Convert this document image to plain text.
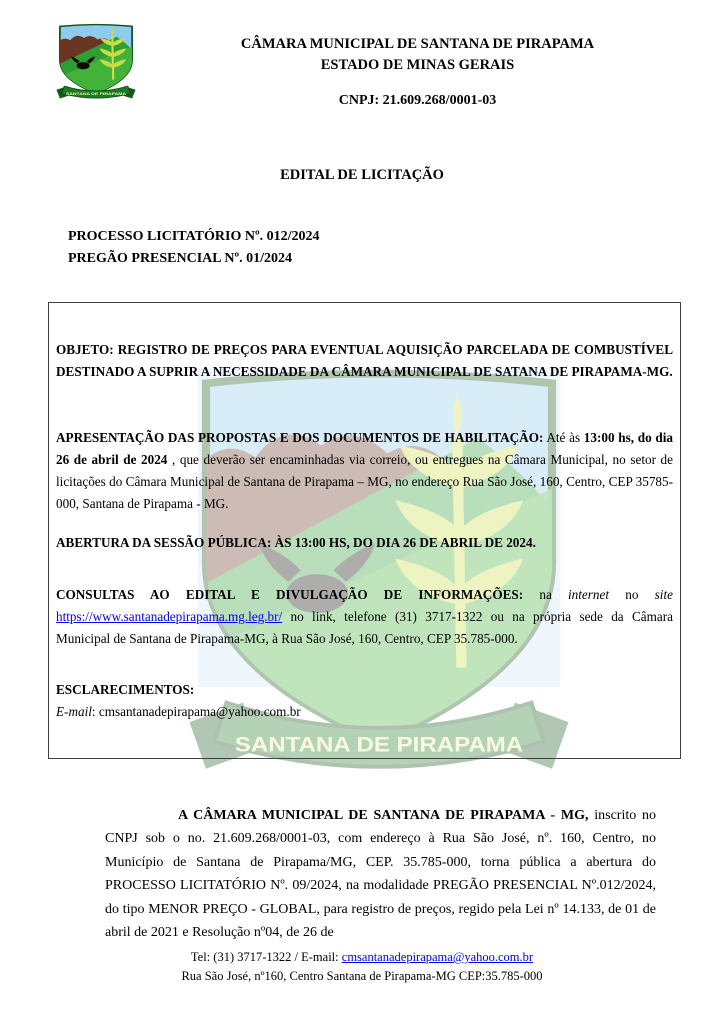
CÂMARA MUNICIPAL DE SANTANA DE PIRAPAMA
ESTADO DE MINAS GERAIS
CNPJ: 21.609.268/0001-03
EDITAL DE LICITAÇÃO
PROCESSO LICITATÓRIO Nº. 012/2024
PREGÃO PRESENCIAL Nº. 01/2024

OBJETO: REGISTRO DE PREÇOS PARA EVENTUAL AQUISIÇÃO PARCELADA DE COMBUSTÍVEL DESTINADO A SUPRIR A NECESSIDADE DA CÂMARA MUNICIPAL DE SATANA DE PIRAPAMA-MG.

APRESENTAÇÃO DAS PROPOSTAS E DOS DOCUMENTOS DE HABILITAÇÃO: Até às 13:00 hs, do dia 26 de abril de 2024 , que deverão ser encaminhadas via correio, ou entregues na Câmara Municipal, no setor de licitações do Câmara Municipal de Santana de Pirapama – MG, no endereço Rua São José, 160, Centro, CEP 35785-000, Santana de Pirapama - MG.

ABERTURA DA SESSÃO PÚBLICA: ÀS 13:00 HS, DO DIA 26 DE ABRIL DE 2024.

CONSULTAS AO EDITAL E DIVULGAÇÃO DE INFORMAÇÕES: na internet no site https://www.santanadepirapama.mg.leg.br/ no link, telefone (31) 3717-1322 ou na própria sede da Câmara Municipal de Santana de Pirapama-MG, à Rua São José, 160, Centro, CEP 35.785-000.

ESCLARECIMENTOS:
E-mail: cmsantanadepirapama@yahoo.com.br

A CÂMARA MUNICIPAL DE SANTANA DE PIRAPAMA - MG, inscrito no CNPJ sob o no. 21.609.268/0001-03, com endereço à Rua São José, nº. 160, Centro, no Município de Santana de Pirapama/MG, CEP. 35.785-000, torna pública a abertura do PROCESSO LICITATÓRIO Nº. 09/2024, na modalidade PREGÃO PRESENCIAL Nº.012/2024, do tipo MENOR PREÇO - GLOBAL, para registro de preços, regido pela Lei nº 14.133, de 01 de abril de 2021 e Resolução nº04, de 26 de
Tel: (31) 3717-1322 / E-mail: cmsantanadepirapama@yahoo.com.br
Rua São José, nº160, Centro Santana de Pirapama-MG CEP:35.785-000
